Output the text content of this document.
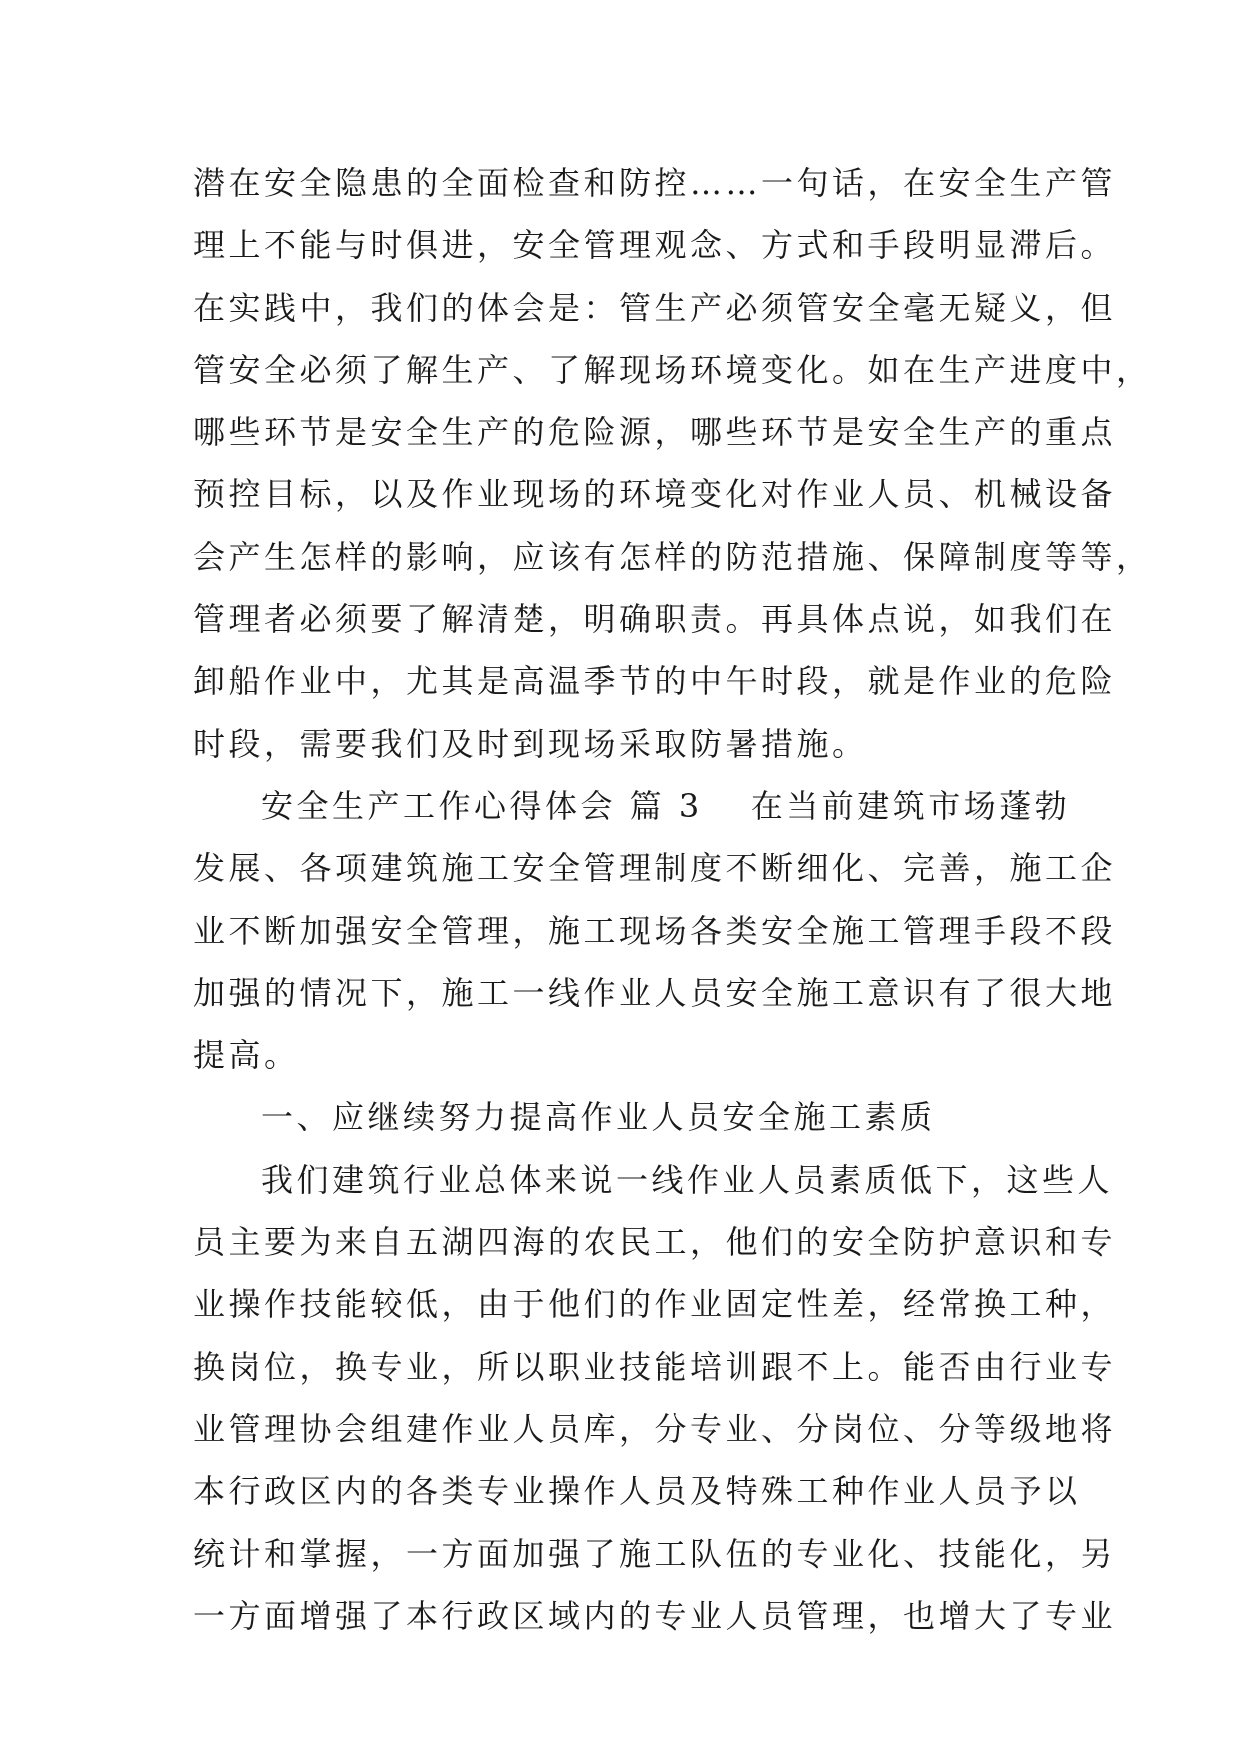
潜在安全隐患的全面检查和防控……一句话，在安全生产管
理上不能与时俱进，安全管理观念、方式和手段明显滞后。
在实践中，我们的体会是：管生产必须管安全毫无疑义，但
管安全必须了解生产、了解现场环境变化。如在生产进度中，
哪些环节是安全生产的危险源，哪些环节是安全生产的重点
预控目标，以及作业现场的环境变化对作业人员、机械设备
会产生怎样的影响，应该有怎样的防范措施、保障制度等等，
管理者必须要了解清楚，明确职责。再具体点说，如我们在
卸船作业中，尤其是高温季节的中午时段，就是作业的危险
时段，需要我们及时到现场采取防暑措施。
安全生产工作心得体会 篇 3 在当前建筑市场蓬勃
发展、各项建筑施工安全管理制度不断细化、完善，施工企
业不断加强安全管理，施工现场各类安全施工管理手段不段
加强的情况下，施工一线作业人员安全施工意识有了很大地
提高。
一、应继续努力提高作业人员安全施工素质
我们建筑行业总体来说一线作业人员素质低下，这些人
员主要为来自五湖四海的农民工，他们的安全防护意识和专
业操作技能较低，由于他们的作业固定性差，经常换工种，
换岗位，换专业，所以职业技能培训跟不上。能否由行业专
业管理协会组建作业人员库，分专业、分岗位、分等级地将
本行政区内的各类专业操作人员及特殊工种作业人员予以
统计和掌握，一方面加强了施工队伍的专业化、技能化，另
一方面增强了本行政区域内的专业人员管理，也增大了专业
